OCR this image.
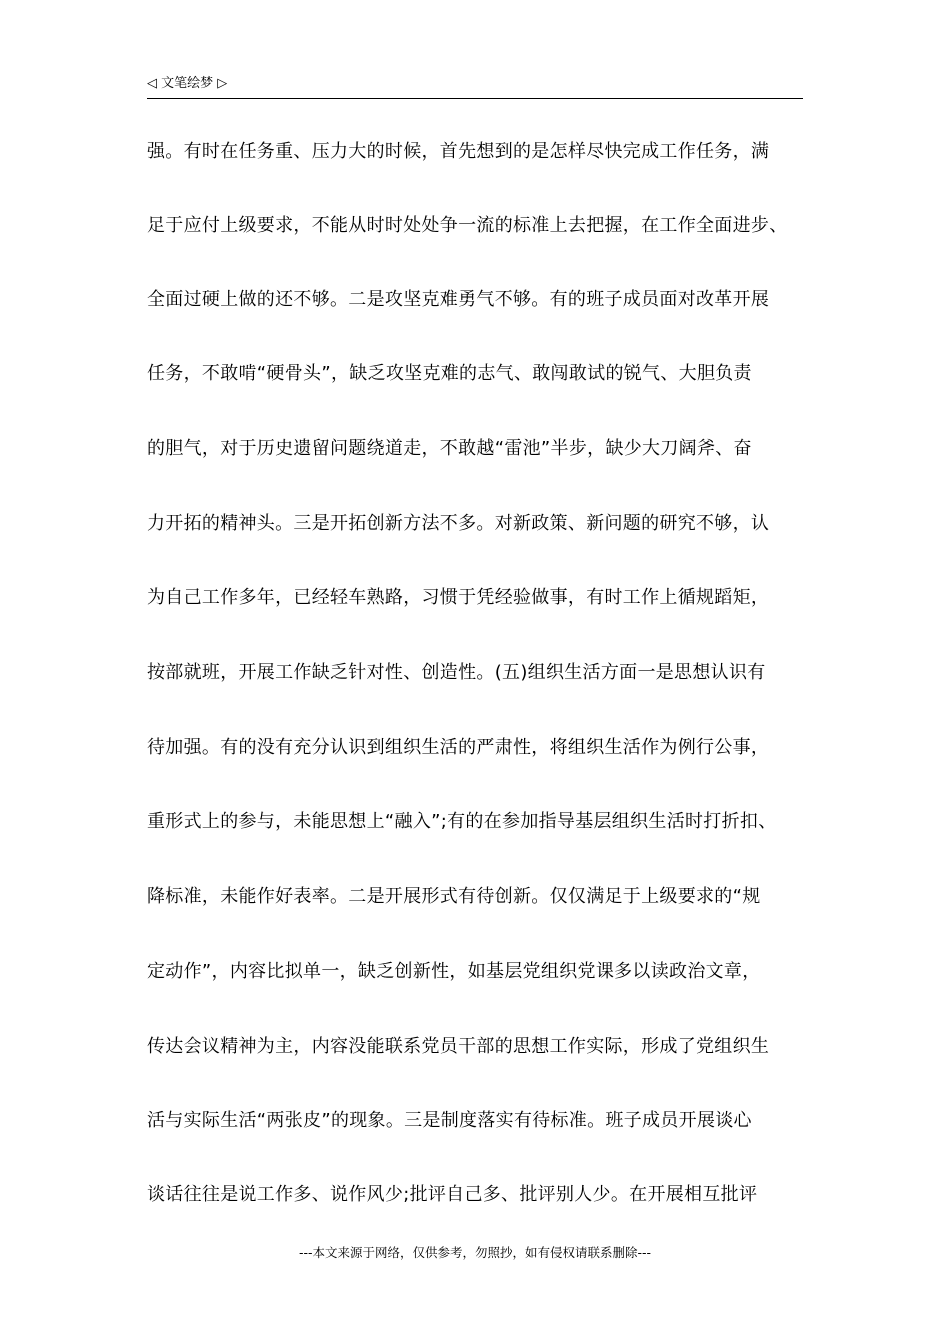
◁ 文笔绘梦 ▷
强。有时在任务重、压力大的时候，首先想到的是怎样尽快完成工作任务，满
足于应付上级要求，不能从时时处处争一流的标准上去把握，在工作全面进步、
全面过硬上做的还不够。二是攻坚克难勇气不够。有的班子成员面对改革开展
任务，不敢啃“硬骨头”，缺乏攻坚克难的志气、敢闯敢试的锐气、大胆负责
的胆气，对于历史遗留问题绕道走，不敢越“雷池”半步，缺少大刀阔斧、奋
力开拓的精神头。三是开拓创新方法不多。对新政策、新问题的研究不够，认
为自己工作多年，已经轻车熟路，习惯于凭经验做事，有时工作上循规蹈矩，
按部就班，开展工作缺乏针对性、创造性。(五)组织生活方面一是思想认识有
待加强。有的没有充分认识到组织生活的严肃性，将组织生活作为例行公事，
重形式上的参与，未能思想上“融入”;有的在参加指导基层组织生活时打折扣、
降标准，未能作好表率。二是开展形式有待创新。仅仅满足于上级要求的“规
定动作”，内容比拟单一，缺乏创新性，如基层党组织党课多以读政治文章，
传达会议精神为主，内容没能联系党员干部的思想工作实际，形成了党组织生
活与实际生活“两张皮”的现象。三是制度落实有待标准。班子成员开展谈心
谈话往往是说工作多、说作风少;批评自己多、批评别人少。在开展相互批评
---本文来源于网络，仅供参考，勿照抄，如有侵权请联系删除---
